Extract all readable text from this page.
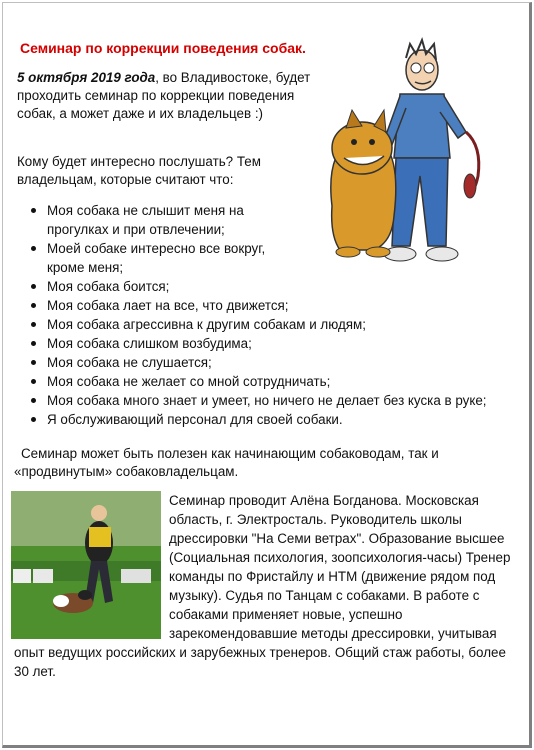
Семинар по коррекции поведения собак.
5 октября 2019 года, во Владивостоке, будет проходить семинар по коррекции поведения собак, а может даже и их владельцев :)
Кому будет интересно послушать? Тем владельцам, которые считают что:
Моя собака не слышит меня на прогулках и при отвлечении;
Моей собаке интересно все вокруг, кроме меня;
Моя собака боится;
Моя собака лает на все, что движется;
Моя собака агрессивна к другим собакам и людям;
Моя собака слишком возбудима;
Моя собака не слушается;
Моя собака не желает со мной сотрудничать;
Моя собака много знает и умеет, но ничего не делает без куска в руке;
Я обслуживающий персонал для своей собаки.
Семинар может быть полезен как начинающим собаководам, так и «продвинутым» собаковладельцам.
Семинар проводит Алёна Богданова. Московская область, г. Электросталь. Руководитель школы дрессировки "На Семи ветрах". Образование высшее (Социальная психология, зоопсихология-часы) Тренер команды по Фристайлу и НТМ (движение рядом под музыку). Судья по Танцам с собаками. В работе с собаками применяет новые, успешно зарекомендовавшие методы дрессировки, учитывая опыт ведущих российских и зарубежных тренеров. Общий стаж работы, более 30 лет.
